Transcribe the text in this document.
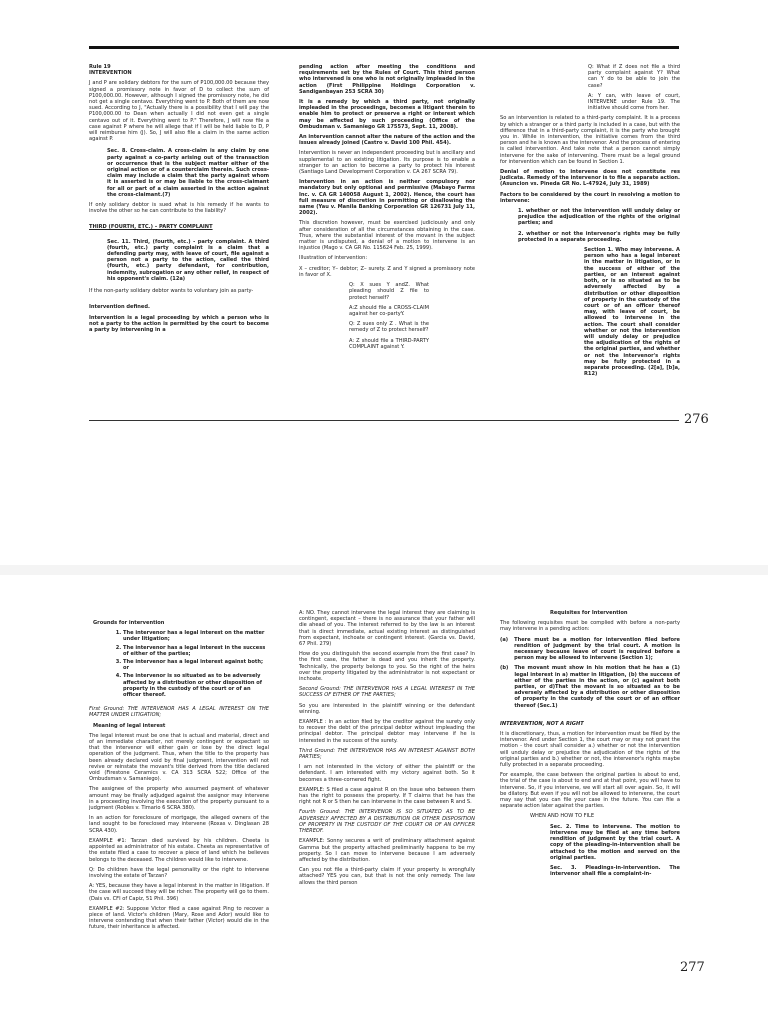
Rule 19

INTERVENTION

J and P are solidary debtors for the sum of P100,000.00 because they signed a promissory note in favor of D to collect the sum of P100,000.00. However, although I signed the promissory note, he did not get a single centavo. Everything went to P. Both of them are now sued. According to J, "Actually there is a possibility that I will pay the P100,000.00 to Dean when actually I did not even get a single centavo out of it. Everything went to P." Therefore, J will now file a case against P where he will allege that if I will be held liable to D, P will reimburse him (J). So, J will also file a claim in the same action against P.

Sec. 8. Cross-claim. A cross-claim is any claim by one party against a co-party arising out of the transaction or occurrence that is the subject matter either of the original action or of a counterclaim therein. Such cross-claim may include a claim that the party against whom it is asserted is or may be liable to the cross-claimant for all or part of a claim asserted in the action against the cross-claimant.(7)

If only solidary debtor is sued what is his remedy if he wants to involve the other so he can contribute to the liability?

THIRD (FOURTH, ETC.) – PARTY COMPLAINT

Sec. 11. Third, (fourth, etc.) - party complaint. A third (fourth, etc.) party complaint is a claim that a defending party may, with leave of court, file against a person not a party to the action, called the third (fourth, etc.) party defendant, for contribution, indemnity, subrogation or any other relief, in respect of his opponent's claim. (12a)

If the non-party solidary debtor wants to voluntary join as party-

Intervention defined.

Intervention is a legal proceeding by which a person who is not a party to the action is permitted by the court to become a party by intervening in a

pending action after meeting the conditions and requirements set by the Rules of Court. This third person who intervened is one who is not originally impleaded in the action (First Philippine Holdings Corporation v. Sandiganbayan 253 SCRA 30)

It is a remedy by which a third party, not originally impleaded in the proceedings, becomes a litigant therein to enable him to protect or preserve a right or interest which may be affected by such proceeding (Office of the Ombudsman v. Samaniego GR 175573, Sept. 11, 2008).

An intervention cannot alter the nature of the action and the issues already joined (Castro v. David 100 Phil. 454).

Intervention is never an independent proceeding but is ancillary and supplemental to an existing litigation. Its purpose is to enable a stranger to an action to become a party to protect his interest (Santiago Land Development Corporation v. CA 267 SCRA 79).

Intervention in an action is neither compulsory nor mandatory but only optional and permissive (Mabayo Farms Inc. v. CA GR 140058 August 1, 2002). Hence, the court has full measure of discretion in permitting or disallowing the same (Yau v. Manila Banking Corporation GR 126731 July 11, 2002).

This discretion however, must be exercised judiciously and only after consideration of all the circumstances obtaining in the case. Thus, where the substantial interest of the movant in the subject matter is undisputed, a denial of a motion to intervene is an injustice (Mago v. CA GR No. 115624 Feb. 25, 1999).

Illustration of intervention:

X – creditor; Y– debtor; Z– surety. Z and Y signed a promissory note in favor of X.

Q: X sues Y andZ. What pleading should Z file to protect herself?

A:Z should file a CROSS-CLAIM against her co-partyY.

Q: Z sues only Z . What is the remedy of Z to protect herself?

A: Z should file a THIRD-PARTY COMPLAINT against Y.

Q: What if Z does not file a third party complaint against Y? What can Y do to be able to join the case?

A: Y can, with leave of court, INTERVENE under Rule 19. The initiative should come from her.

So an intervention is related to a third-party complaint. It is a process by which a stranger or a third party is included in a case, but with the difference that in a third-party complaint, it is the party who brought you in. While in intervention, the initiative comes from the third person and he is known as the intervenor. And the process of entering is called intervention. And take note that a person cannot simply intervene for the sake of intervening. There must be a legal ground for intervention which can be found in Section 1.

Denial of motion to intervene does not constitute res judicata. Remedy of the intervenor is to file a separate action. (Asuncion vs. Pineda GR No. L-47924, July 31, 1989)

Factors to be considered by the court in resolving a motion to intervene:

1. whether or not the intervention will unduly delay or prejudice the adjudication of the rights of the original parties; and

2. whether or not the intervenor's rights may be fully protected in a separate proceeding.

Section 1. Who may intervene. A person who has a legal interest in the matter in litigation, or in the success of either of the parties, or an interest against both, or is so situated as to be adversely affected by a distribution or other disposition of property in the custody of the court or of an officer thereof may, with leave of court, be allowed to intervene in the action. The court shall consider whether or not the intervention will unduly delay or prejudice the adjudication of the rights of the original parties, and whether or not the intervenor's rights may be fully protected in a separate proceeding. (2[a], [b]a, R12)

276

Grounds for intervention

1. The intervenor has a legal interest on the matter under litigation;
2. The intervenor has a legal interest in the success of either of the parties;
3. The intervenor has a legal interest against both; or
4. The intervenor is so situated as to be adversely affected by a distribution or other disposition of property in the custody of the court or of an officer thereof.

First Ground: THE INTERVENOR HAS A LEGAL INTEREST ON THE MATTER UNDER LITIGATION;

Meaning of legal interest

The legal interest must be one that is actual and material, direct and of an immediate character, not merely contingent or expectant so that the intervenor will either gain or lose by the direct legal operation of the judgment. Thus, when the title to the property has been already declared void by final judgment, intervention will not revive or reinstate the movant's title derived from the title declared void (Firestone Ceramics v. CA 313 SCRA 522; Office of the Ombudsman v. Samaniego).

The assignee of the property who assumed payment of whatever amount may be finally adjudged against the assignor may intervene in a proceeding involving the execution of the property pursuant to a judgment (Robles v. Timario 6 SCRA 380).

In an action for foreclosure of mortgage, the alleged owners of the land sought to be foreclosed may intervene (Roxas v. Dinglasan 28 SCRA 430).

EXAMPLE #1: Tarzan died survived by his children. Cheeta is appointed as administrator of his estate. Cheeta as representative of the estate filed a case to recover a piece of land which he believes belongs to the deceased. The children would like to intervene.

Q: Do children have the legal personality or the right to intervene involving the estate of Tarzan?

A: YES, because they have a legal interest in the matter in litigation. If the case will succeed they will be richer. The property will go to them. (Dais vs. CFI of Capiz, 51 Phil. 396)

EXAMPLE #2: Suppose Victor filed a case against Ping to recover a piece of land. Victor's children (Mary, Rose and Ador) would like to intervene contending that when their father (Victor) would die in the future, their inheritance is affected.

A: NO. They cannot intervene the legal interest they are claiming is contingent, expectant – there is no assurance that your father will die ahead of you. The interest referred to by the law is an interest that is direct immediate, actual existing interest as distinguished from expectant, inchoate or contingent interest. (Garcia vs. David, 67 Phil. 279)

How do you distinguish the second example from the first case? In the first case, the father is dead and you inherit the property. Technically, the property belongs to you. So the right of the heirs over the property litigated by the administrator is not expectant or inchoate.

Second Ground: THE INTERVENOR HAS A LEGAL INTEREST IN THE SUCCESS OF EITHER OF THE PARTIES;

So you are interested in the plaintiff winning or the defendant winning.

EXAMPLE : In an action filed by the creditor against the surety only to recover the debt of the principal debtor without impleading the principal debtor. The principal debtor may intervene if he is interested in the success of the surety.

Third Ground: THE INTERVENOR HAS AN INTEREST AGAINST BOTH PARTIES;

I am not interested in the victory of either the plaintiff or the defendant. I am interested with my victory against both. So it becomes a three-cornered fight.

EXAMPLE: S filed a case against R on the issue who between them has the right to possess the property. If T claims that he has the right not R or S then he can intervene in the case between R and S.

Fourth Ground: THE INTERVENOR IS SO SITUATED AS TO BE ADVERSELY AFFECTED BY A DISTRIBUTION OR OTHER DISPOSITION OF PROPERTY IN THE CUSTODY OF THE COURT OR OF AN OFFICER THEREOF.

EXAMPLE: Sonny secures a writ of preliminary attachment against Gamma but the property attached preliminarily happens to be my property. So I can move to intervene because I am adversely affected by the distribution.

Can you not file a third-party claim if your property is wrongfully attached? YES you can, but that is not the only remedy. The law allows the third person

Requisites for Intervention

The following requisites must be complied with before a non-party may intervene in a pending action:

(a) There must be a motion for intervention filed before rendition of judgment by the trial court. A motion is necessary because leave of court is required before a person may be allowed to intervene (Section 1);

(b) The movant must show in his motion that he has a (1) legal interest in a) matter in litigation, (b) the success of either of the parties in the action, or (c) against both parties, or d)That the movant is so situated as to be adversely affected by a distribution or other disposition of property in the custody of the court or of an officer thereof (Sec.1)

INTERVENTION, NOT A RIGHT

It is discretionary, thus, a motion for intervention must be filed by the intervenor. And under Section 1, the court may or may not grant the motion - the court shall consider a.) whether or not the intervention will unduly delay or prejudice the adjudication of the rights of the original parties and b.) whether or not, the intervenor's rights maybe fully protected in a separate proceeding.

For example, the case between the original parties is about to end, the trial of the case is about to end and at that point, you will have to intervene. So, if you intervene, we will start all over again. So, it will be dilatory. But even if you will not be allowed to intervene, the court may say that you can file your case in the future. You can file a separate action later against the parties.

WHEN AND HOW TO FILE

Sec. 2. Time to intervene. The motion to intervene may be filed at any time before rendition of judgment by the trial court. A copy of the pleading-in-intervention shall be attached to the motion and served on the original parties.

Sec. 3. Pleadings-in-intervention. The intervenor shall file a complaint-in-

277
